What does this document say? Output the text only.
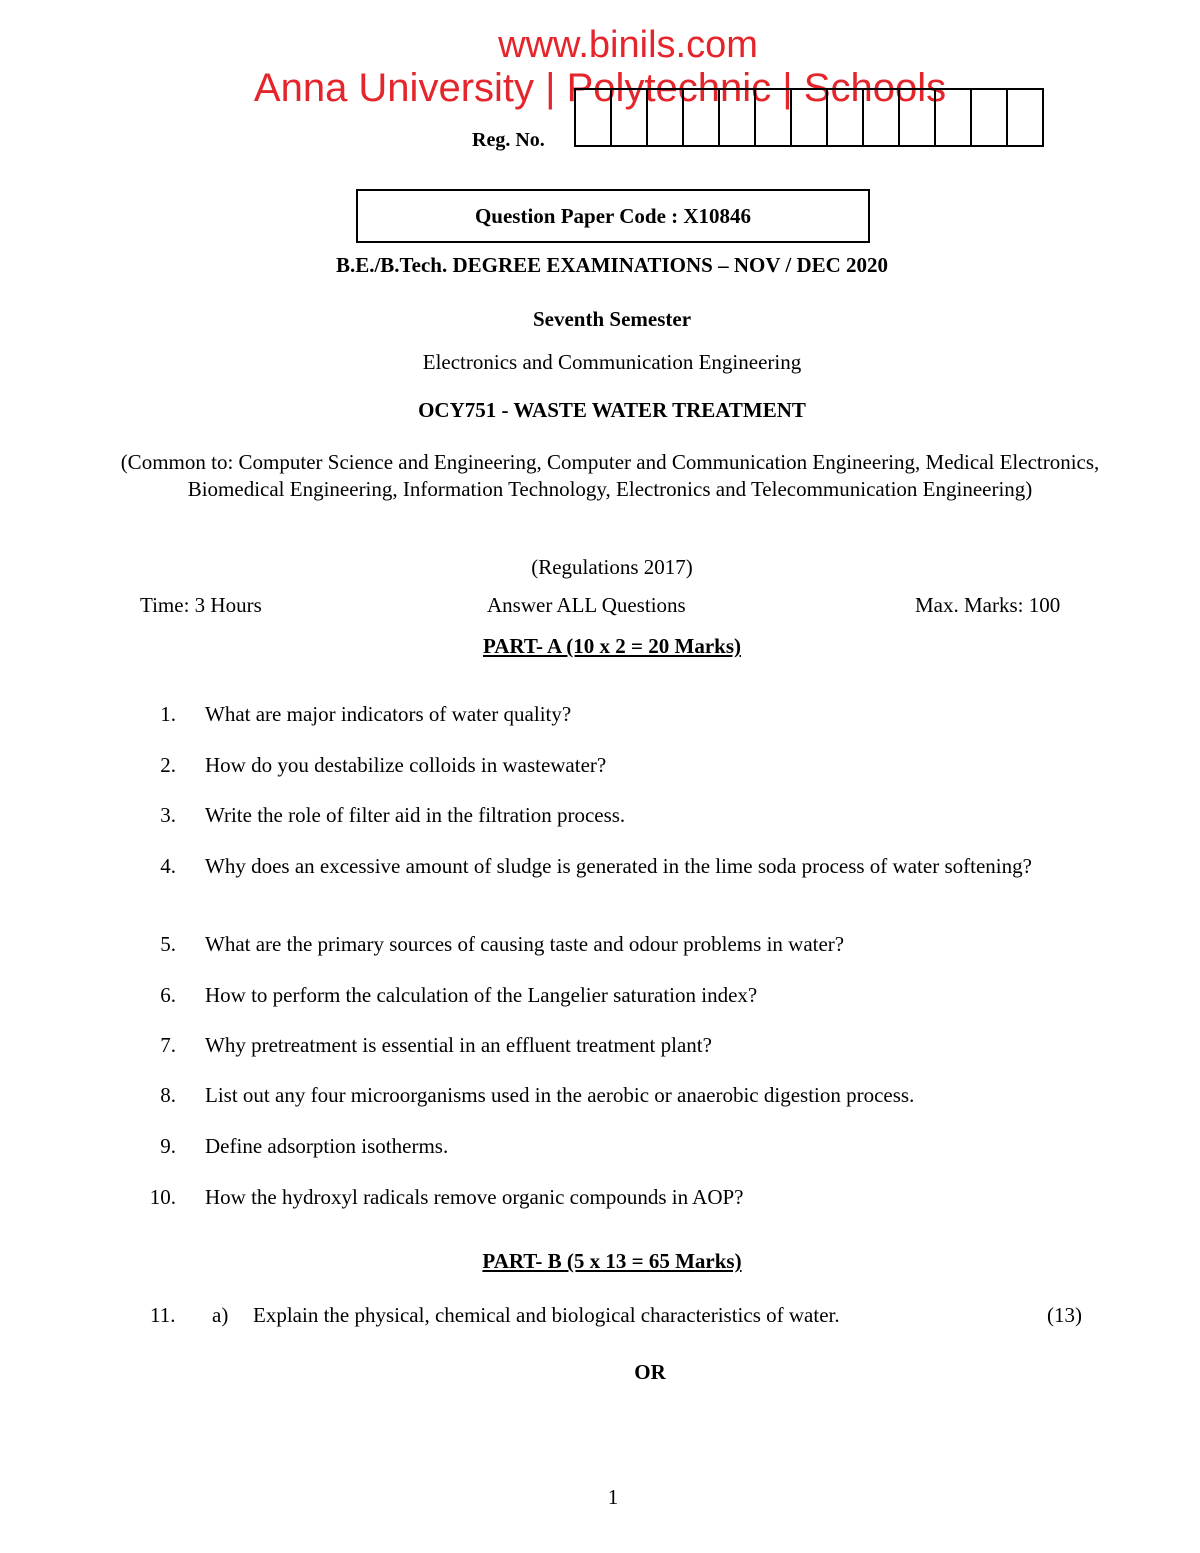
www.binils.com
Anna University | Polytechnic | Schools
Reg. No.
Question Paper Code : X10846
B.E./B.Tech. DEGREE EXAMINATIONS – NOV / DEC 2020
Seventh Semester
Electronics and Communication Engineering
OCY751 - WASTE WATER TREATMENT
(Common to: Computer Science and Engineering, Computer and Communication Engineering, Medical Electronics, Biomedical Engineering, Information Technology, Electronics and Telecommunication Engineering)
(Regulations 2017)
Time: 3 Hours	Answer ALL Questions	Max. Marks: 100
PART- A (10 x 2 = 20 Marks)
1. What are major indicators of water quality?
2. How do you destabilize colloids in wastewater?
3. Write the role of filter aid in the filtration process.
4. Why does an excessive amount of sludge is generated in the lime soda process of water softening?
5. What are the primary sources of causing taste and odour problems in water?
6. How to perform the calculation of the Langelier saturation index?
7. Why pretreatment is essential in an effluent treatment plant?
8. List out any four microorganisms used in the aerobic or anaerobic digestion process.
9. Define adsorption isotherms.
10. How the hydroxyl radicals remove organic compounds in AOP?
PART- B (5 x 13 = 65 Marks)
11. a) Explain the physical, chemical and biological characteristics of water.	(13)
OR
1
